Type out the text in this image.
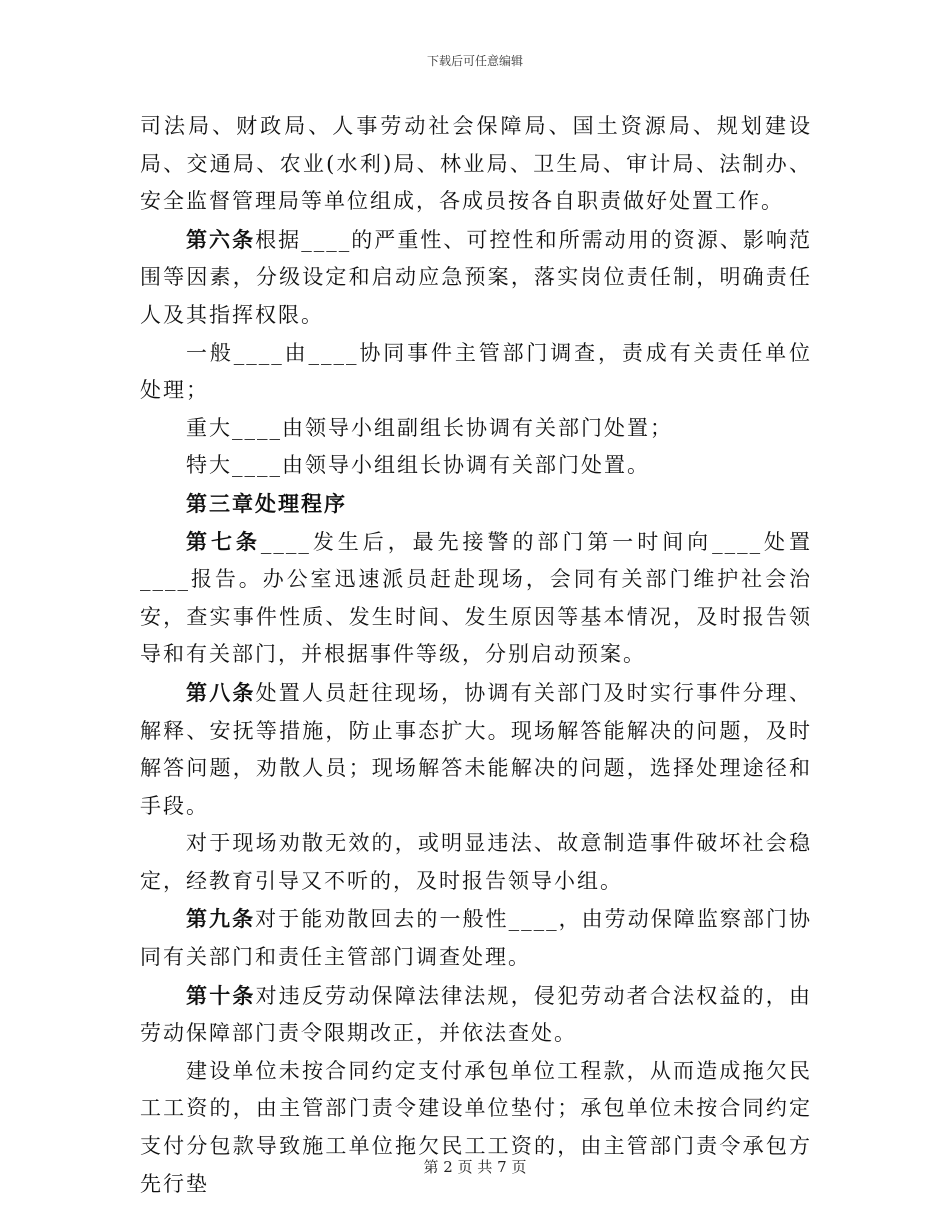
下载后可任意编辑

司法局、财政局、人事劳动社会保障局、国土资源局、规划建设局、交通局、农业(水利)局、林业局、卫生局、审计局、法制办、安全监督管理局等单位组成，各成员按各自职责做好处置工作。

第六条根据____的严重性、可控性和所需动用的资源、影响范围等因素，分级设定和启动应急预案，落实岗位责任制，明确责任人及其指挥权限。

一般____由____协同事件主管部门调查，责成有关责任单位处理；

重大____由领导小组副组长协调有关部门处置；

特大____由领导小组组长协调有关部门处置。

第三章处理程序

第七条____发生后，最先接警的部门第一时间向____处置____报告。办公室迅速派员赶赴现场，会同有关部门维护社会治安，查实事件性质、发生时间、发生原因等基本情况，及时报告领导和有关部门，并根据事件等级，分别启动预案。

第八条处置人员赶往现场，协调有关部门及时实行事件分理、解释、安抚等措施，防止事态扩大。现场解答能解决的问题，及时解答问题，劝散人员；现场解答未能解决的问题，选择处理途径和手段。

对于现场劝散无效的，或明显违法、故意制造事件破坏社会稳定，经教育引导又不听的，及时报告领导小组。

第九条对于能劝散回去的一般性____，由劳动保障监察部门协同有关部门和责任主管部门调查处理。

第十条对违反劳动保障法律法规，侵犯劳动者合法权益的，由劳动保障部门责令限期改正，并依法查处。

建设单位未按合同约定支付承包单位工程款，从而造成拖欠民工工资的，由主管部门责令建设单位垫付；承包单位未按合同约定支付分包款导致施工单位拖欠民工工资的，由主管部门责令承包方先行垫

第 2 页 共 7 页
